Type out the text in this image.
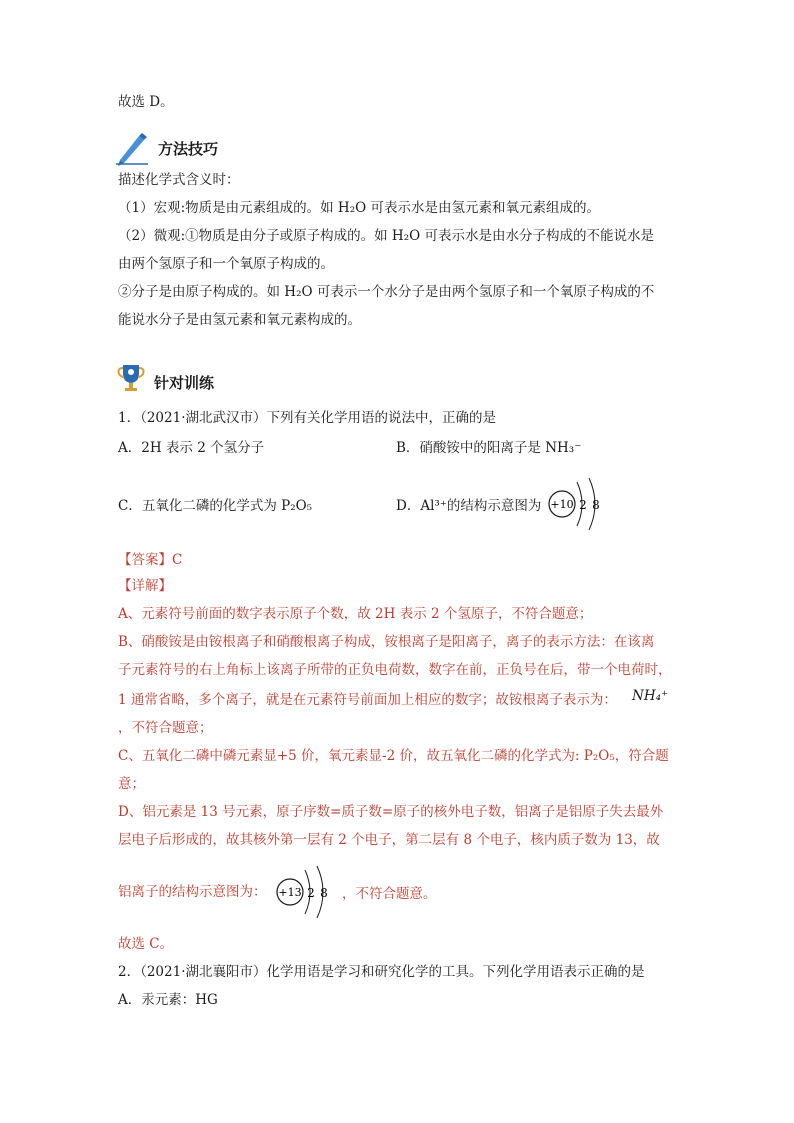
故选 D。
方法技巧
描述化学式含义时：
（1）宏观:物质是由元素组成的。如 H₂O 可表示水是由氢元素和氧元素组成的。
（2）微观:①物质是由分子或原子构成的。如 H₂O 可表示水是由水分子构成的不能说水是
由两个氢原子和一个氧原子构成的。
②分子是由原子构成的。如 H₂O 可表示一个水分子是由两个氢原子和一个氧原子构成的不
能说水分子是由氢元素和氧元素构成的。
针对训练
1．（2021·湖北武汉市）下列有关化学用语的说法中，正确的是
A．2H 表示 2 个氢分子	B．硝酸铵中的阳离子是 NH₃⁻
C．五氧化二磷的化学式为 P₂O₅	D．Al³⁺的结构示意图为 +10 2 8
【答案】C
【详解】
A、元素符号前面的数字表示原子个数，故 2H 表示 2 个氢原子，不符合题意；
B、硝酸铵是由铵根离子和硝酸根离子构成，铵根离子是阳离子，离子的表示方法：在该离
子元素符号的右上角标上该离子所带的正负电荷数，数字在前，正负号在后，带一个电荷时，
1 通常省略，多个离子，就是在元素符号前面加上相应的数字；故铵根离子表示为： NH₄⁺
，不符合题意；
C、五氧化二磷中磷元素显+5 价，氧元素显-2 价，故五氧化二磷的化学式为: P₂O₅，符合题
意；
D、铝元素是 13 号元素，原子序数=质子数=原子的核外电子数，铝离子是铝原子失去最外
层电子后形成的，故其核外第一层有 2 个电子，第二层有 8 个电子，核内质子数为 13，故
铝离子的结构示意图为： +13 2 8 ，不符合题意。
故选 C。
2．（2021·湖北襄阳市）化学用语是学习和研究化学的工具。下列化学用语表示正确的是
A．汞元素：HG
